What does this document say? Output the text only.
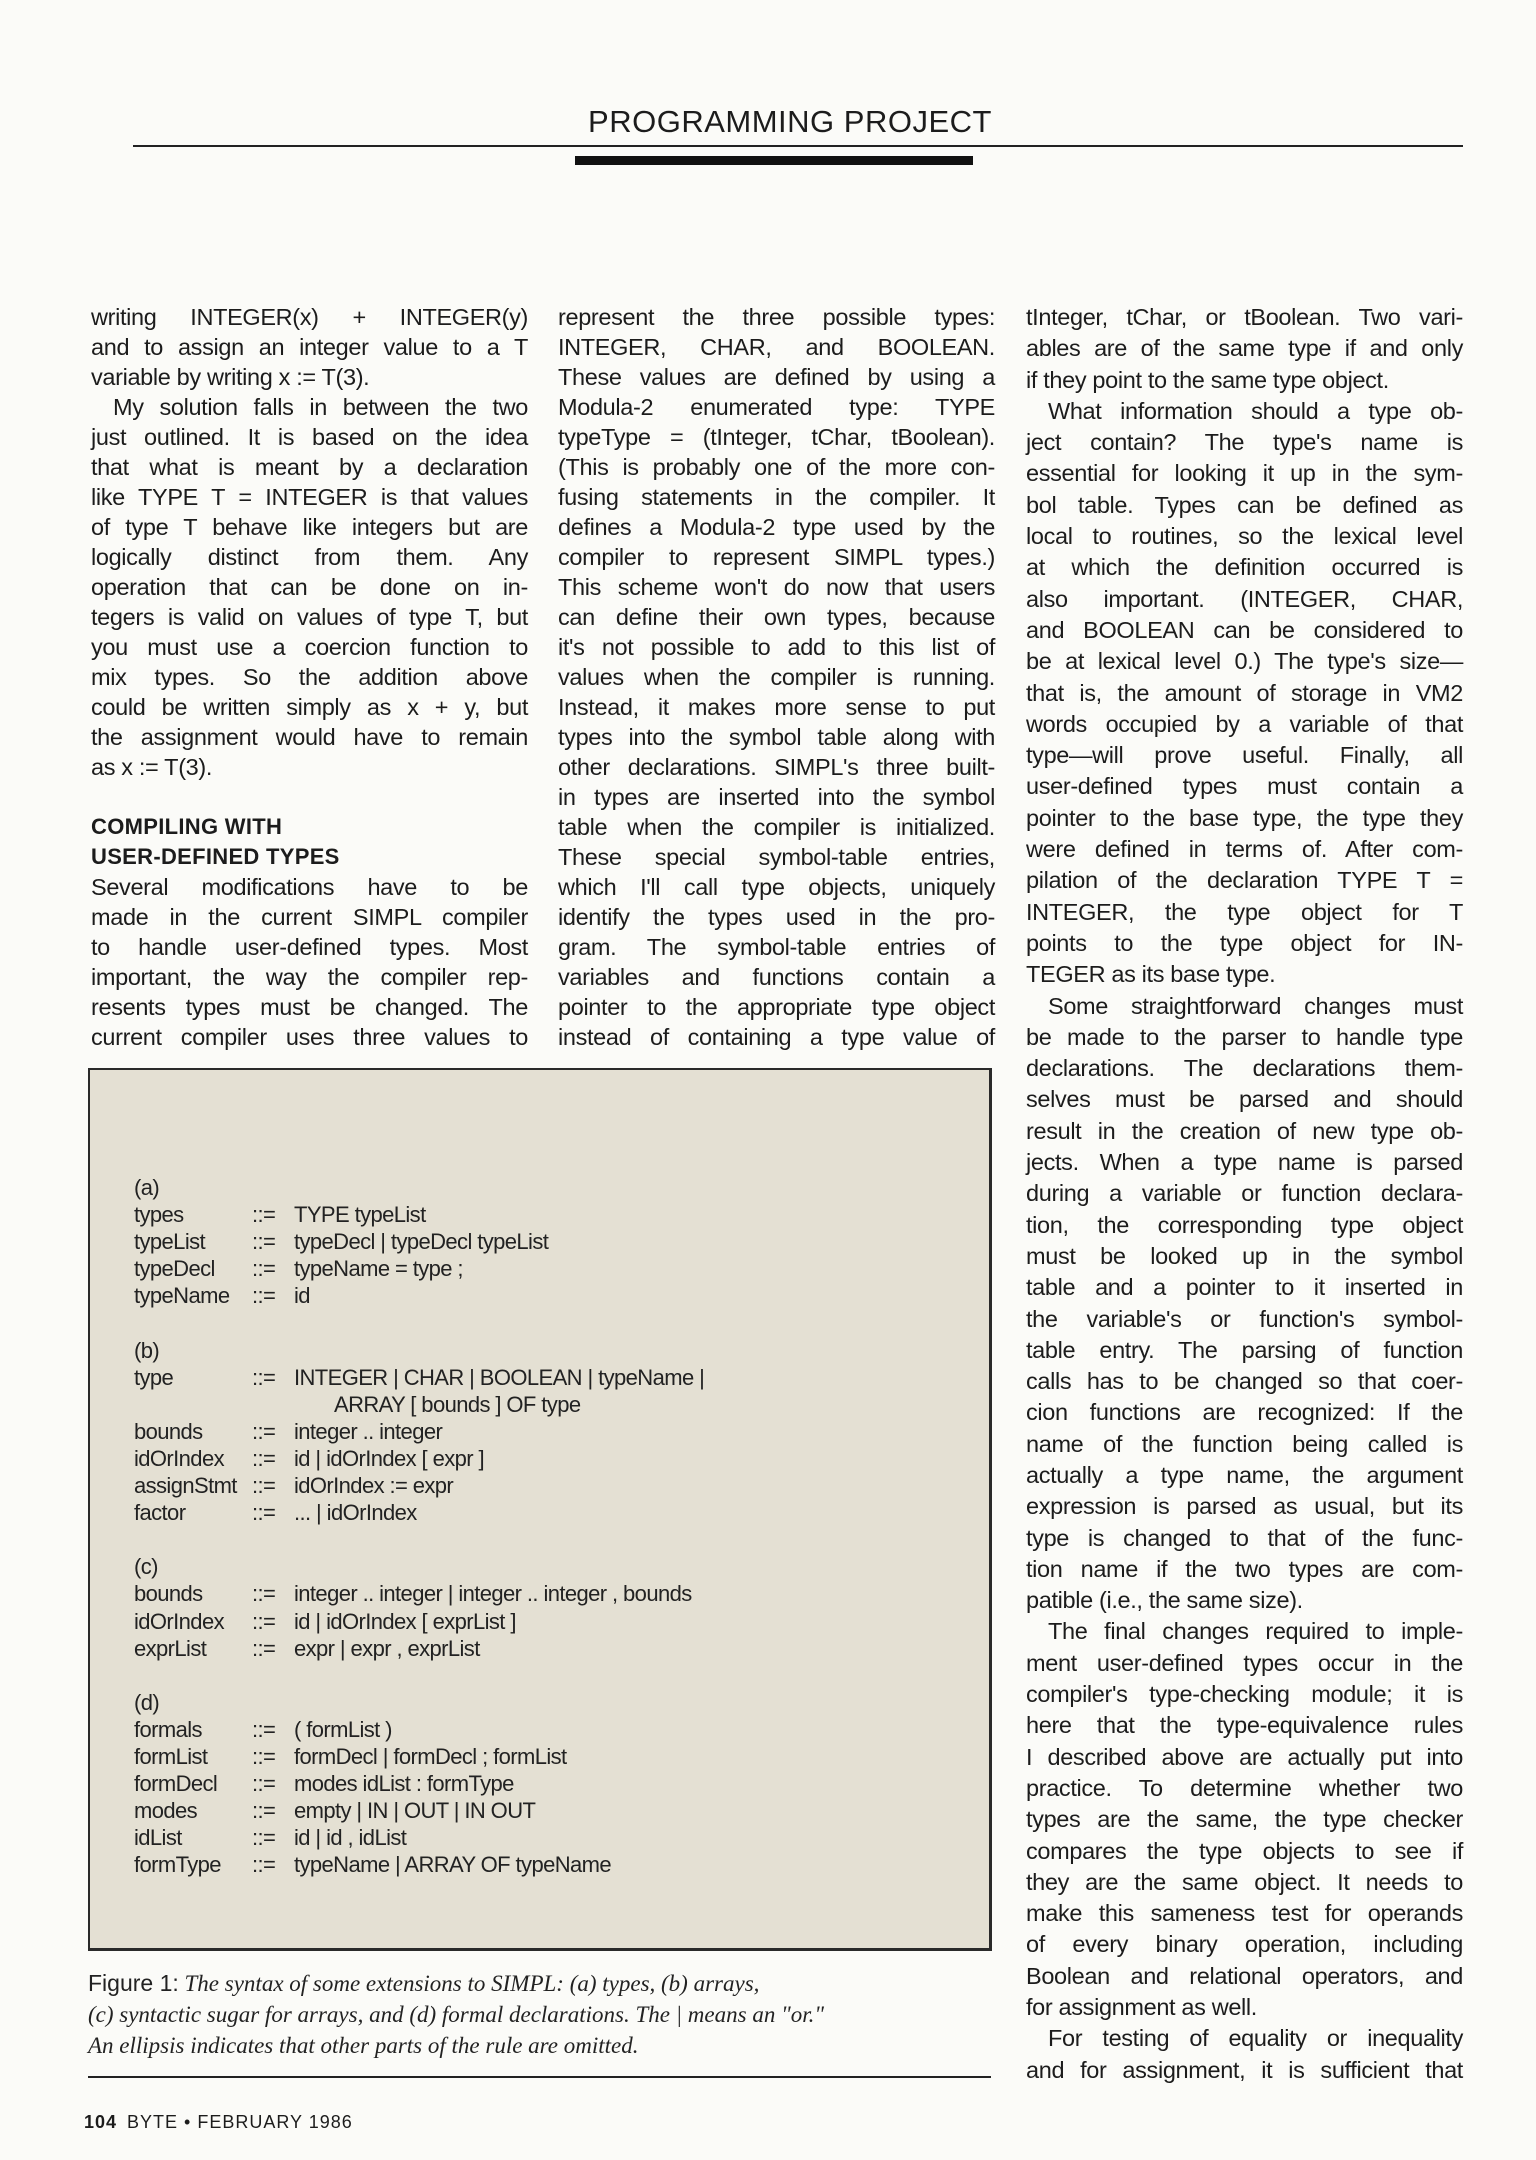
PROGRAMMING PROJECT
writing INTEGER(x) + INTEGER(y)
and to assign an integer value to a T
variable by writing x := T(3).
My solution falls in between the two
just outlined. It is based on the idea
that what is meant by a declaration
like TYPE T = INTEGER is that values
of type T behave like integers but are
logically distinct from them. Any
operation that can be done on in-
tegers is valid on values of type T, but
you must use a coercion function to
mix types. So the addition above
could be written simply as x + y, but
the assignment would have to remain
as x := T(3).
COMPILING WITH
USER-DEFINED TYPES
Several modifications have to be
made in the current SIMPL compiler
to handle user-defined types. Most
important, the way the compiler rep-
resents types must be changed. The
current compiler uses three values to
represent the three possible types:
INTEGER, CHAR, and BOOLEAN.
These values are defined by using a
Modula-2 enumerated type: TYPE
typeType = (tInteger, tChar, tBoolean).
(This is probably one of the more con-
fusing statements in the compiler. It
defines a Modula-2 type used by the
compiler to represent SIMPL types.)
This scheme won't do now that users
can define their own types, because
it's not possible to add to this list of
values when the compiler is running.
Instead, it makes more sense to put
types into the symbol table along with
other declarations. SIMPL's three built-
in types are inserted into the symbol
table when the compiler is initialized.
These special symbol-table entries,
which I'll call type objects, uniquely
identify the types used in the pro-
gram. The symbol-table entries of
variables and functions contain a
pointer to the appropriate type object
instead of containing a type value of
tInteger, tChar, or tBoolean. Two vari-
ables are of the same type if and only
if they point to the same type object.
What information should a type ob-
ject contain? The type's name is
essential for looking it up in the sym-
bol table. Types can be defined as
local to routines, so the lexical level
at which the definition occurred is
also important. (INTEGER, CHAR,
and BOOLEAN can be considered to
be at lexical level 0.) The type's size—
that is, the amount of storage in VM2
words occupied by a variable of that
type—will prove useful. Finally, all
user-defined types must contain a
pointer to the base type, the type they
were defined in terms of. After com-
pilation of the declaration TYPE T =
INTEGER, the type object for T
points to the type object for IN-
TEGER as its base type.
Some straightforward changes must
be made to the parser to handle type
declarations. The declarations them-
selves must be parsed and should
result in the creation of new type ob-
jects. When a type name is parsed
during a variable or function declara-
tion, the corresponding type object
must be looked up in the symbol
table and a pointer to it inserted in
the variable's or function's symbol-
table entry. The parsing of function
calls has to be changed so that coer-
cion functions are recognized: If the
name of the function being called is
actually a type name, the argument
expression is parsed as usual, but its
type is changed to that of the func-
tion name if the two types are com-
patible (i.e., the same size).
The final changes required to imple-
ment user-defined types occur in the
compiler's type-checking module; it is
here that the type-equivalence rules
I described above are actually put into
practice. To determine whether two
types are the same, the type checker
compares the type objects to see if
they are the same object. It needs to
make this sameness test for operands
of every binary operation, including
Boolean and relational operators, and
for assignment as well.
For testing of equality or inequality
and for assignment, it is sufficient that
(a)
types	::= TYPE typeList
typeList ::= typeDecl | typeDecl typeList
typeDecl ::= typeName = type ;
typeName ::= id
(b)
type	::= INTEGER | CHAR | BOOLEAN | typeName |
ARRAY [ bounds ] OF type
bounds ::= integer .. integer
idOrIndex ::= id | idOrIndex [ expr ]
assignStmt ::= idOrIndex := expr
factor	::= ... | idOrIndex
(c)
bounds ::= integer .. integer | integer .. integer , bounds
idOrIndex ::= id | idOrIndex [ exprList ]
exprList ::= expr | expr , exprList
(d)
formals ::= ( formList )
formList ::= formDecl | formDecl ; formList
formDecl ::= modes idList : formType
modes ::= empty | IN | OUT | IN OUT
idList	::= id | id , idList
formType ::= typeName | ARRAY OF typeName
Figure 1: The syntax of some extensions to SIMPL: (a) types, (b) arrays,
(c) syntactic sugar for arrays, and (d) formal declarations. The | means an "or."
An ellipsis indicates that other parts of the rule are omitted.
104 BYTE • FEBRUARY 1986
